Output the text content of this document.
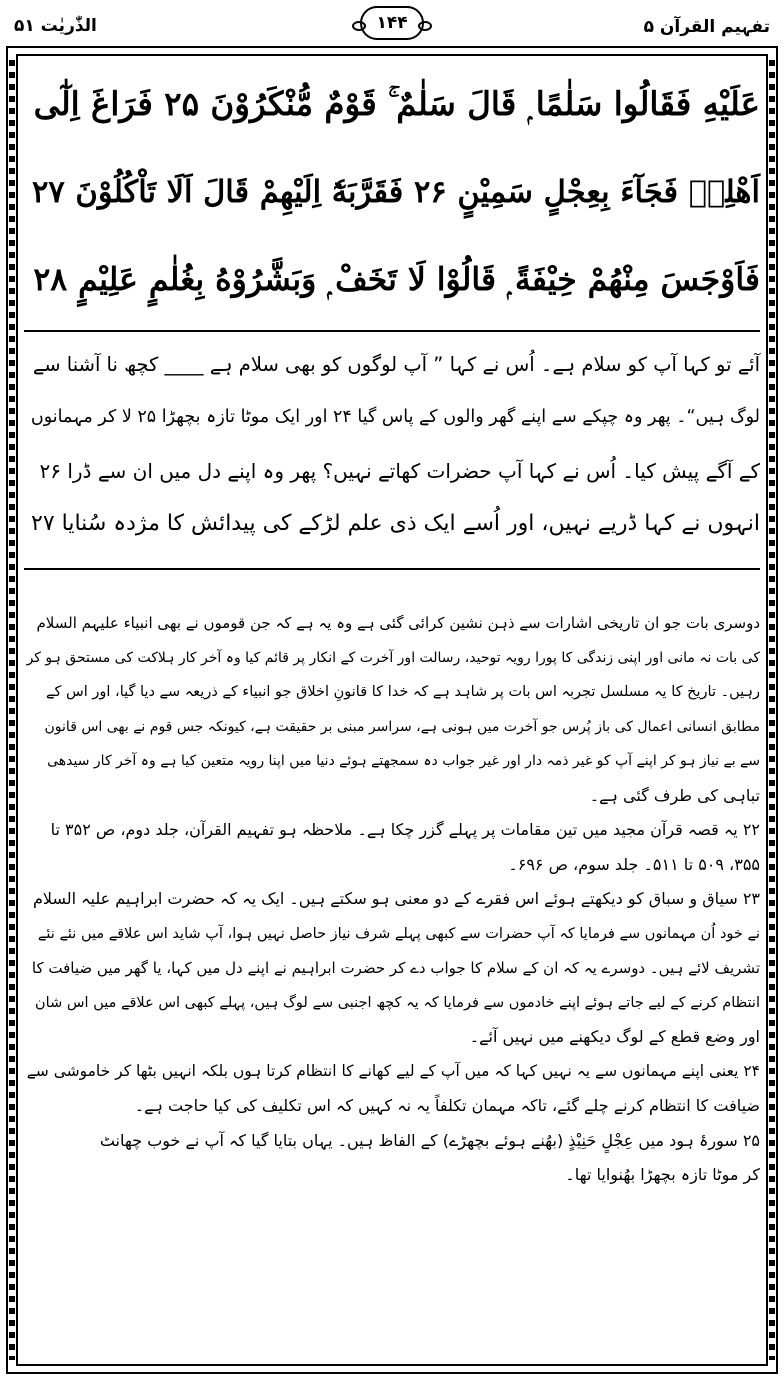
تفہیم القرآن ۵
۱۴۴
الذّٰریٰت ۵۱
عَلَيْهِ فَقَالُوا سَلٰمًا ۭ قَالَ سَلٰمٌ ۚ قَوْمٌ مُّنْكَرُوْنَ ۲۵ فَرَاغَ اِلٰٓى
اَهْلِهٖ فَجَآءَ بِعِجْلٍ سَمِيْنٍ ۲۶ فَقَرَّبَهٗٓ اِلَيْهِمْ قَالَ اَلَا تَاْكُلُوْنَ ۲۷
فَاَوْجَسَ مِنْهُمْ خِيْفَةً ۭ قَالُوْا لَا تَخَفْ ۭ وَبَشَّرُوْهُ بِغُلٰمٍ عَلِيْمٍ ۲۸
آئے تو کہا آپ کو سلام ہے۔ اُس نے کہا ” آپ لوگوں کو بھی سلام ہے ____ کچھ نا آشنا سے
لوگ ہیں“۔ پھر وہ چپکے سے اپنے گھر والوں کے پاس گیا ۲۴ اور ایک موٹا تازہ بچھڑا ۲۵ لا کر مہمانوں
کے آگے پیش کیا۔ اُس نے کہا آپ حضرات کھاتے نہیں؟ پھر وہ اپنے دل میں ان سے ڈرا ۲۶
انہوں نے کہا ڈریے نہیں، اور اُسے ایک ذی علم لڑکے کی پیدائش کا مژدہ سُنایا ۲۷
دوسری بات جو ان تاریخی اشارات سے ذہن نشین کرائی گئی ہے وہ یہ ہے کہ جن قوموں نے بھی انبیاء علیہم السلام
کی بات نہ مانی اور اپنی زندگی کا پورا رویہ توحید، رسالت اور آخرت کے انکار پر قائم کیا وہ آخر کار ہلاکت کی مستحق ہو کر
رہیں۔ تاریخ کا یہ مسلسل تجربہ اس بات پر شاہد ہے کہ خدا کا قانونِ اخلاق جو انبیاء کے ذریعہ سے دیا گیا، اور اس کے
مطابق انسانی اعمال کی باز پُرس جو آخرت میں ہونی ہے، سراسر مبنی بر حقیقت ہے، کیونکہ جس قوم نے بھی اس قانون
سے بے نیاز ہو کر اپنے آپ کو غیر ذمہ دار اور غیر جواب دہ سمجھتے ہوئے دنیا میں اپنا رویہ متعین کیا ہے وہ آخر کار سیدھی
تباہی کی طرف گئی ہے۔
۲۲ یہ قصہ قرآن مجید میں تین مقامات پر پہلے گزر چکا ہے۔ ملاحظہ ہو تفہیم القرآن، جلد دوم، ص ۳۵۲ تا
۳۵۵، ۵۰۹ تا ۵۱۱۔ جلد سوم، ص ۶۹۶۔
۲۳ سیاق و سباق کو دیکھتے ہوئے اس فقرے کے دو معنی ہو سکتے ہیں۔ ایک یہ کہ حضرت ابراہیم علیہ السلام
نے خود اُن مہمانوں سے فرمایا کہ آپ حضرات سے کبھی پہلے شرف نیاز حاصل نہیں ہوا، آپ شاید اس علاقے میں نئے نئے
تشریف لائے ہیں۔ دوسرے یہ کہ ان کے سلام کا جواب دے کر حضرت ابراہیم نے اپنے دل میں کہا، یا گھر میں ضیافت کا
انتظام کرنے کے لیے جاتے ہوئے اپنے خادموں سے فرمایا کہ یہ کچھ اجنبی سے لوگ ہیں، پہلے کبھی اس علاقے میں اس شان
اور وضع قطع کے لوگ دیکھنے میں نہیں آئے۔
۲۴ یعنی اپنے مہمانوں سے یہ نہیں کہا کہ میں آپ کے لیے کھانے کا انتظام کرتا ہوں بلکہ انہیں بٹھا کر خاموشی سے
ضیافت کا انتظام کرنے چلے گئے، تاکہ مہمان تکلفاً یہ نہ کہیں کہ اس تکلیف کی کیا حاجت ہے۔
۲۵ سورۂ ہود میں عِجْلٍ حَنِيْذٍ (بھُنے ہوئے بچھڑے) کے الفاظ ہیں۔ یہاں بتایا گیا کہ آپ نے خوب چھانٹ
کر موٹا تازہ بچھڑا بھُنوایا تھا۔
